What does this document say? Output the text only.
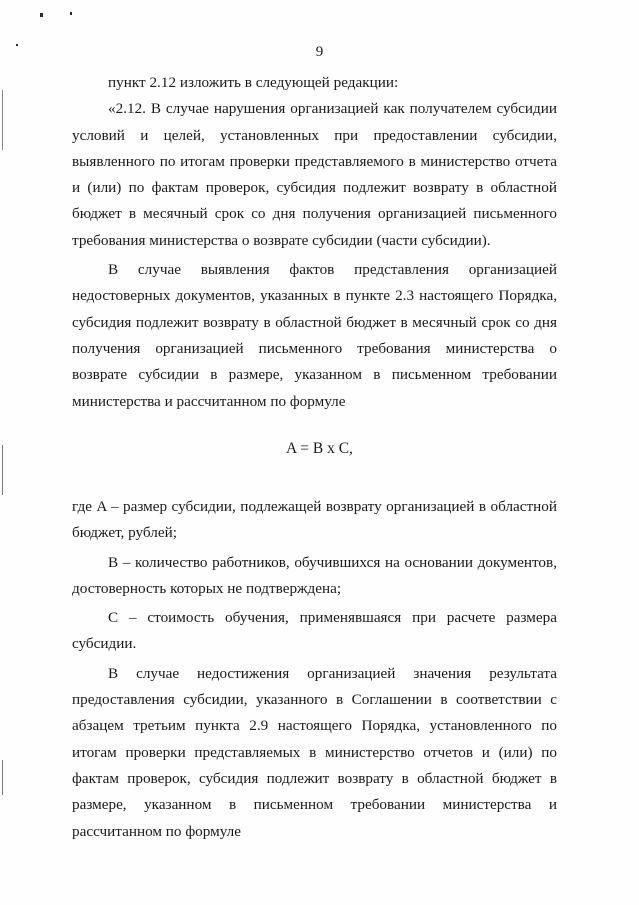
9

пункт 2.12 изложить в следующей редакции:

«2.12. В случае нарушения организацией как получателем субсидии условий и целей, установленных при предоставлении субсидии, выявленного по итогам проверки представляемого в министерство отчета и (или) по фактам проверок, субсидия подлежит возврату в областной бюджет в месячный срок со дня получения организацией письменного требования министерства о возврате субсидии (части субсидии).

В случае выявления фактов представления организацией недостоверных документов, указанных в пункте 2.3 настоящего Порядка, субсидия подлежит возврату в областной бюджет в месячный срок со дня получения организацией письменного требования министерства о возврате субсидии в размере, указанном в письменном требовании министерства и рассчитанном по формуле

A = B x C,

где A – размер субсидии, подлежащей возврату организацией в областной бюджет, рублей;

B – количество работников, обучившихся на основании документов, достоверность которых не подтверждена;

C – стоимость обучения, применявшаяся при расчете размера субсидии.

В случае недостижения организацией значения результата предоставления субсидии, указанного в Соглашении в соответствии с абзацем третьим пункта 2.9 настоящего Порядка, установленного по итогам проверки представляемых в министерство отчетов и (или) по фактам проверок, субсидия подлежит возврату в областной бюджет в размере, указанном в письменном требовании министерства и рассчитанном по формуле
